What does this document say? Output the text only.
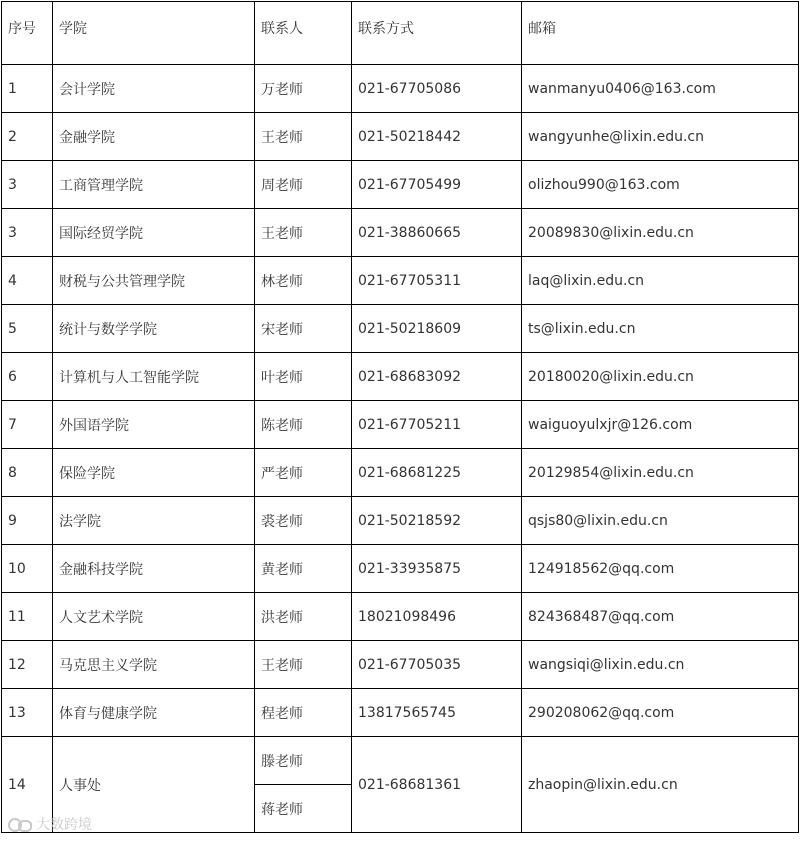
序号	学院	联系人	联系方式	邮箱
1	会计学院	万老师	021-67705086	wanmanyu0406@163.com
2	金融学院	王老师	021-50218442	wangyunhe@lixin.edu.cn
3	工商管理学院	周老师	021-67705499	olizhou990@163.com
3	国际经贸学院	王老师	021-38860665	20089830@lixin.edu.cn
4	财税与公共管理学院	林老师	021-67705311	laq@lixin.edu.cn
5	统计与数学学院	宋老师	021-50218609	ts@lixin.edu.cn
6	计算机与人工智能学院	叶老师	021-68683092	20180020@lixin.edu.cn
7	外国语学院	陈老师	021-67705211	waiguoyulxjr@126.com
8	保险学院	严老师	021-68681225	20129854@lixin.edu.cn
9	法学院	裘老师	021-50218592	qsjs80@lixin.edu.cn
10	金融科技学院	黄老师	021-33935875	124918562@qq.com
11	人文艺术学院	洪老师	18021098496	824368487@qq.com
12	马克思主义学院	王老师	021-67705035	wangsiqi@lixin.edu.cn
13	体育与健康学院	程老师	13817565745	290208062@qq.com
14	人事处	滕老师	021-68681361	zhaopin@lixin.edu.cn
		蒋老师		
大数跨境
